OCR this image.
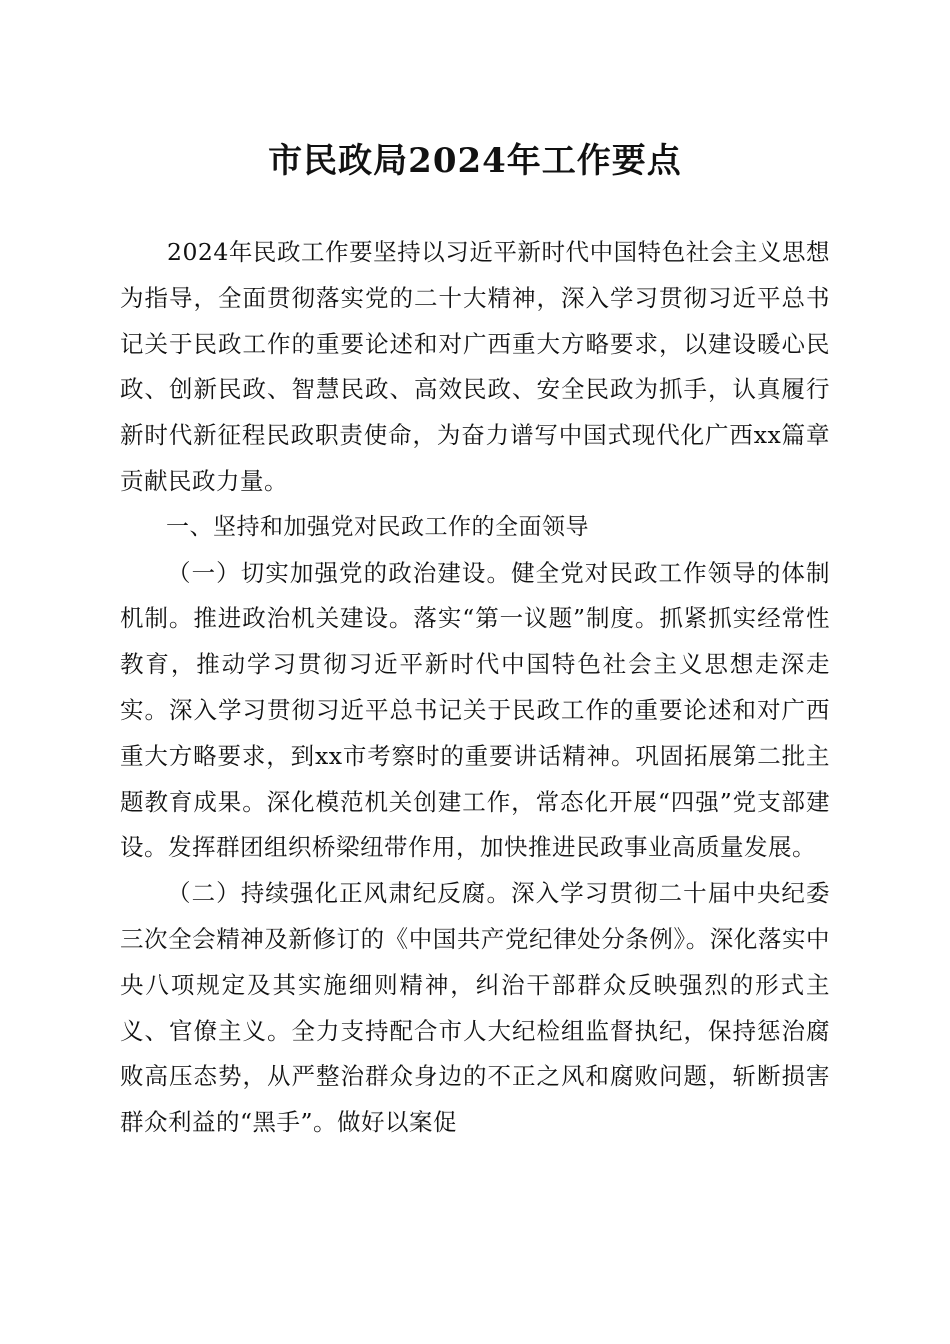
市民政局2024年工作要点

2024年民政工作要坚持以习近平新时代中国特色社会主义思想为指导，全面贯彻落实党的二十大精神，深入学习贯彻习近平总书记关于民政工作的重要论述和对广西重大方略要求，以建设暖心民政、创新民政、智慧民政、高效民政、安全民政为抓手，认真履行新时代新征程民政职责使命，为奋力谱写中国式现代化广西xx篇章贡献民政力量。

一、坚持和加强党对民政工作的全面领导

（一）切实加强党的政治建设。健全党对民政工作领导的体制机制。推进政治机关建设。落实“第一议题”制度。抓紧抓实经常性教育，推动学习贯彻习近平新时代中国特色社会主义思想走深走实。深入学习贯彻习近平总书记关于民政工作的重要论述和对广西重大方略要求，到xx市考察时的重要讲话精神。巩固拓展第二批主题教育成果。深化模范机关创建工作，常态化开展“四强”党支部建设。发挥群团组织桥梁纽带作用，加快推进民政事业高质量发展。

（二）持续强化正风肃纪反腐。深入学习贯彻二十届中央纪委三次全会精神及新修订的《中国共产党纪律处分条例》。深化落实中央八项规定及其实施细则精神，纠治干部群众反映强烈的形式主义、官僚主义。全力支持配合市人大纪检组监督执纪，保持惩治腐败高压态势，从严整治群众身边的不正之风和腐败问题，斩断损害群众利益的“黑手”。做好以案促
